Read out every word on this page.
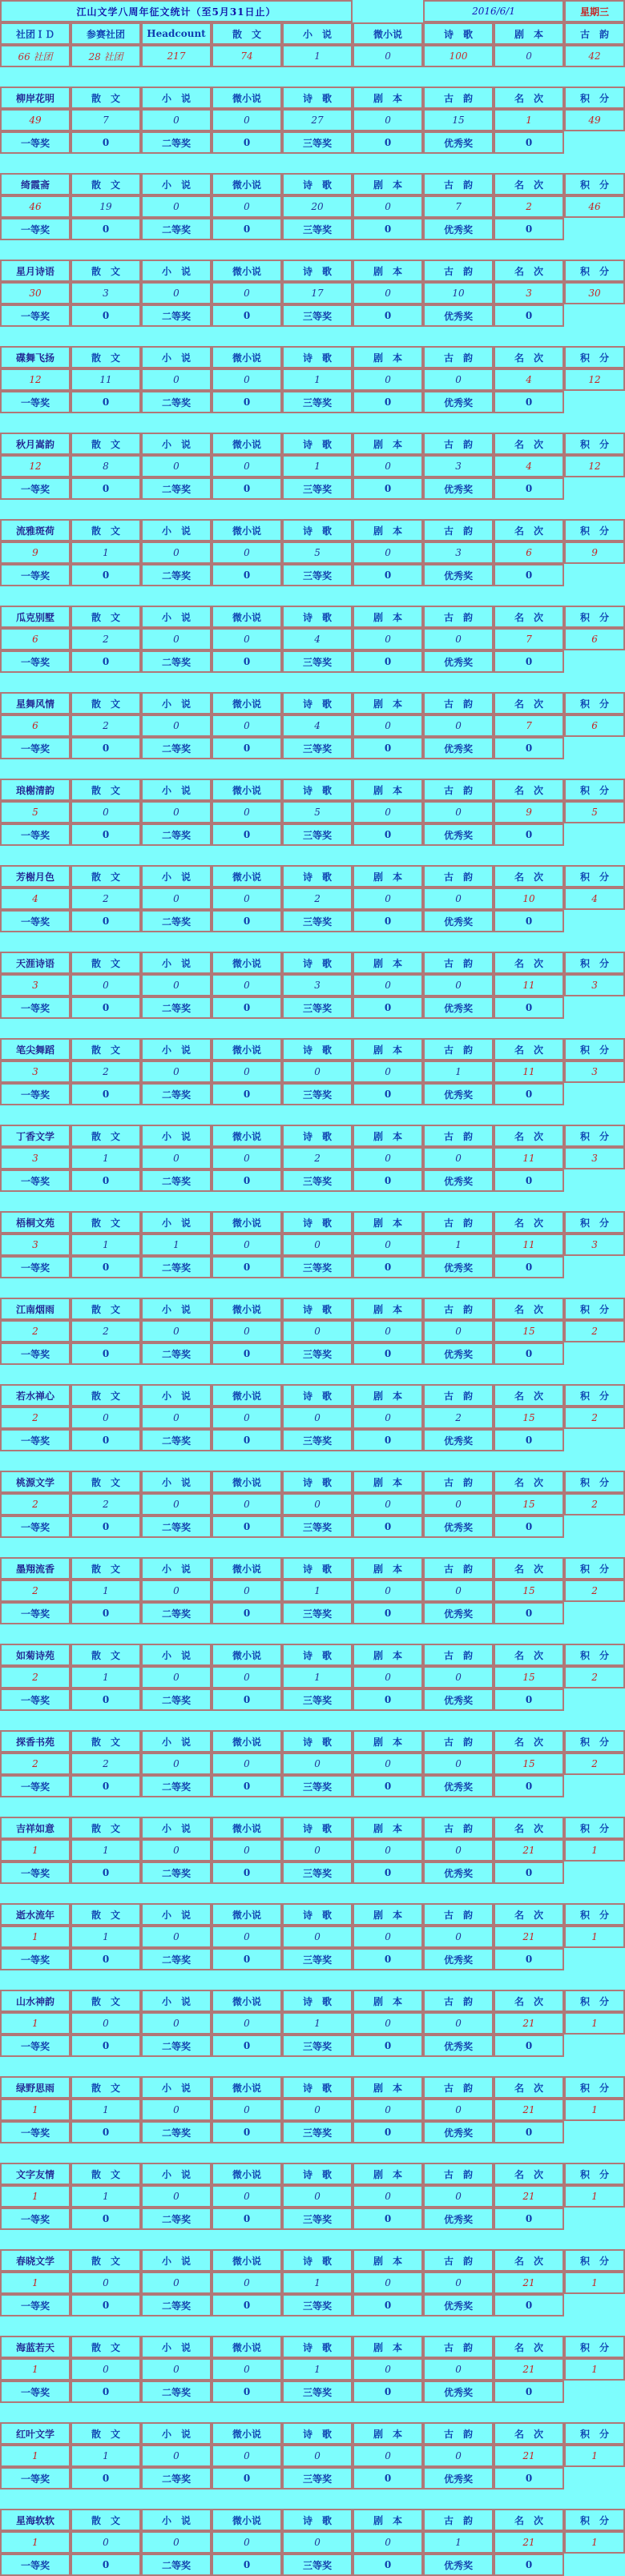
江山文学八周年征文统计（至5月31日止）						2016/6/1		星期三
社团ＩＤ	参赛社团	Headcount	散　文	小　说	微小说	诗　歌	剧　本	古　韵
66 社团	28 社团	217	74	1	0	100	0	42

柳岸花明	散　文	小　说	微小说	诗　歌	剧　本	古　韵	名　次	积　分
49	7	0	0	27	0	15	1	49
一等奖	0	二等奖	0	三等奖	0	优秀奖	0	

绮霞斋	散　文	小　说	微小说	诗　歌	剧　本	古　韵	名　次	积　分
46	19	0	0	20	0	7	2	46
一等奖	0	二等奖	0	三等奖	0	优秀奖	0	

星月诗语	散　文	小　说	微小说	诗　歌	剧　本	古　韵	名　次	积　分
30	3	0	0	17	0	10	3	30
一等奖	0	二等奖	0	三等奖	0	优秀奖	0	

碟舞飞扬	散　文	小　说	微小说	诗　歌	剧　本	古　韵	名　次	积　分
12	11	0	0	1	0	0	4	12
一等奖	0	二等奖	0	三等奖	0	优秀奖	0	

秋月嵩韵	散　文	小　说	微小说	诗　歌	剧　本	古　韵	名　次	积　分
12	8	0	0	1	0	3	4	12
一等奖	0	二等奖	0	三等奖	0	优秀奖	0	

流雅斑荷	散　文	小　说	微小说	诗　歌	剧　本	古　韵	名　次	积　分
9	1	0	0	5	0	3	6	9
一等奖	0	二等奖	0	三等奖	0	优秀奖	0	

瓜克别墅	散　文	小　说	微小说	诗　歌	剧　本	古　韵	名　次	积　分
6	2	0	0	4	0	0	7	6
一等奖	0	二等奖	0	三等奖	0	优秀奖	0	

星舞风情	散　文	小　说	微小说	诗　歌	剧　本	古　韵	名　次	积　分
6	2	0	0	4	0	0	7	6
一等奖	0	二等奖	0	三等奖	0	优秀奖	0	

琅榭清韵	散　文	小　说	微小说	诗　歌	剧　本	古　韵	名　次	积　分
5	0	0	0	5	0	0	9	5
一等奖	0	二等奖	0	三等奖	0	优秀奖	0	

芳榭月色	散　文	小　说	微小说	诗　歌	剧　本	古　韵	名　次	积　分
4	2	0	0	2	0	0	10	4
一等奖	0	二等奖	0	三等奖	0	优秀奖	0	

天涯诗语	散　文	小　说	微小说	诗　歌	剧　本	古　韵	名　次	积　分
3	0	0	0	3	0	0	11	3
一等奖	0	二等奖	0	三等奖	0	优秀奖	0	

笔尖舞蹈	散　文	小　说	微小说	诗　歌	剧　本	古　韵	名　次	积　分
3	2	0	0	0	0	1	11	3
一等奖	0	二等奖	0	三等奖	0	优秀奖	0	

丁香文学	散　文	小　说	微小说	诗　歌	剧　本	古　韵	名　次	积　分
3	1	0	0	2	0	0	11	3
一等奖	0	二等奖	0	三等奖	0	优秀奖	0	

梧桐文苑	散　文	小　说	微小说	诗　歌	剧　本	古　韵	名　次	积　分
3	1	1	0	0	0	1	11	3
一等奖	0	二等奖	0	三等奖	0	优秀奖	0	

江南烟雨	散　文	小　说	微小说	诗　歌	剧　本	古　韵	名　次	积　分
2	2	0	0	0	0	0	15	2
一等奖	0	二等奖	0	三等奖	0	优秀奖	0	

若水禅心	散　文	小　说	微小说	诗　歌	剧　本	古　韵	名　次	积　分
2	0	0	0	0	0	2	15	2
一等奖	0	二等奖	0	三等奖	0	优秀奖	0	

桃源文学	散　文	小　说	微小说	诗　歌	剧　本	古　韵	名　次	积　分
2	2	0	0	0	0	0	15	2
一等奖	0	二等奖	0	三等奖	0	优秀奖	0	

墨翔流香	散　文	小　说	微小说	诗　歌	剧　本	古　韵	名　次	积　分
2	1	0	0	1	0	0	15	2
一等奖	0	二等奖	0	三等奖	0	优秀奖	0	

如菊诗苑	散　文	小　说	微小说	诗　歌	剧　本	古　韵	名　次	积　分
2	1	0	0	1	0	0	15	2
一等奖	0	二等奖	0	三等奖	0	优秀奖	0	

探香书苑	散　文	小　说	微小说	诗　歌	剧　本	古　韵	名　次	积　分
2	2	0	0	0	0	0	15	2
一等奖	0	二等奖	0	三等奖	0	优秀奖	0	

吉祥如意	散　文	小　说	微小说	诗　歌	剧　本	古　韵	名　次	积　分
1	1	0	0	0	0	0	21	1
一等奖	0	二等奖	0	三等奖	0	优秀奖	0	

逝水流年	散　文	小　说	微小说	诗　歌	剧　本	古　韵	名　次	积　分
1	1	0	0	0	0	0	21	1
一等奖	0	二等奖	0	三等奖	0	优秀奖	0	

山水神韵	散　文	小　说	微小说	诗　歌	剧　本	古　韵	名　次	积　分
1	0	0	0	1	0	0	21	1
一等奖	0	二等奖	0	三等奖	0	优秀奖	0	

绿野思雨	散　文	小　说	微小说	诗　歌	剧　本	古　韵	名　次	积　分
1	1	0	0	0	0	0	21	1
一等奖	0	二等奖	0	三等奖	0	优秀奖	0	

文字友情	散　文	小　说	微小说	诗　歌	剧　本	古　韵	名　次	积　分
1	1	0	0	0	0	0	21	1
一等奖	0	二等奖	0	三等奖	0	优秀奖	0	

春晓文学	散　文	小　说	微小说	诗　歌	剧　本	古　韵	名　次	积　分
1	0	0	0	1	0	0	21	1
一等奖	0	二等奖	0	三等奖	0	优秀奖	0	

海蓝若天	散　文	小　说	微小说	诗　歌	剧　本	古　韵	名　次	积　分
1	0	0	0	1	0	0	21	1
一等奖	0	二等奖	0	三等奖	0	优秀奖	0	

红叶文学	散　文	小　说	微小说	诗　歌	剧　本	古　韵	名　次	积　分
1	1	0	0	0	0	0	21	1
一等奖	0	二等奖	0	三等奖	0	优秀奖	0	

星海软软	散　文	小　说	微小说	诗　歌	剧　本	古　韵	名　次	积　分
1	0	0	0	0	0	1	21	1
一等奖	0	二等奖	0	三等奖	0	优秀奖	0	
